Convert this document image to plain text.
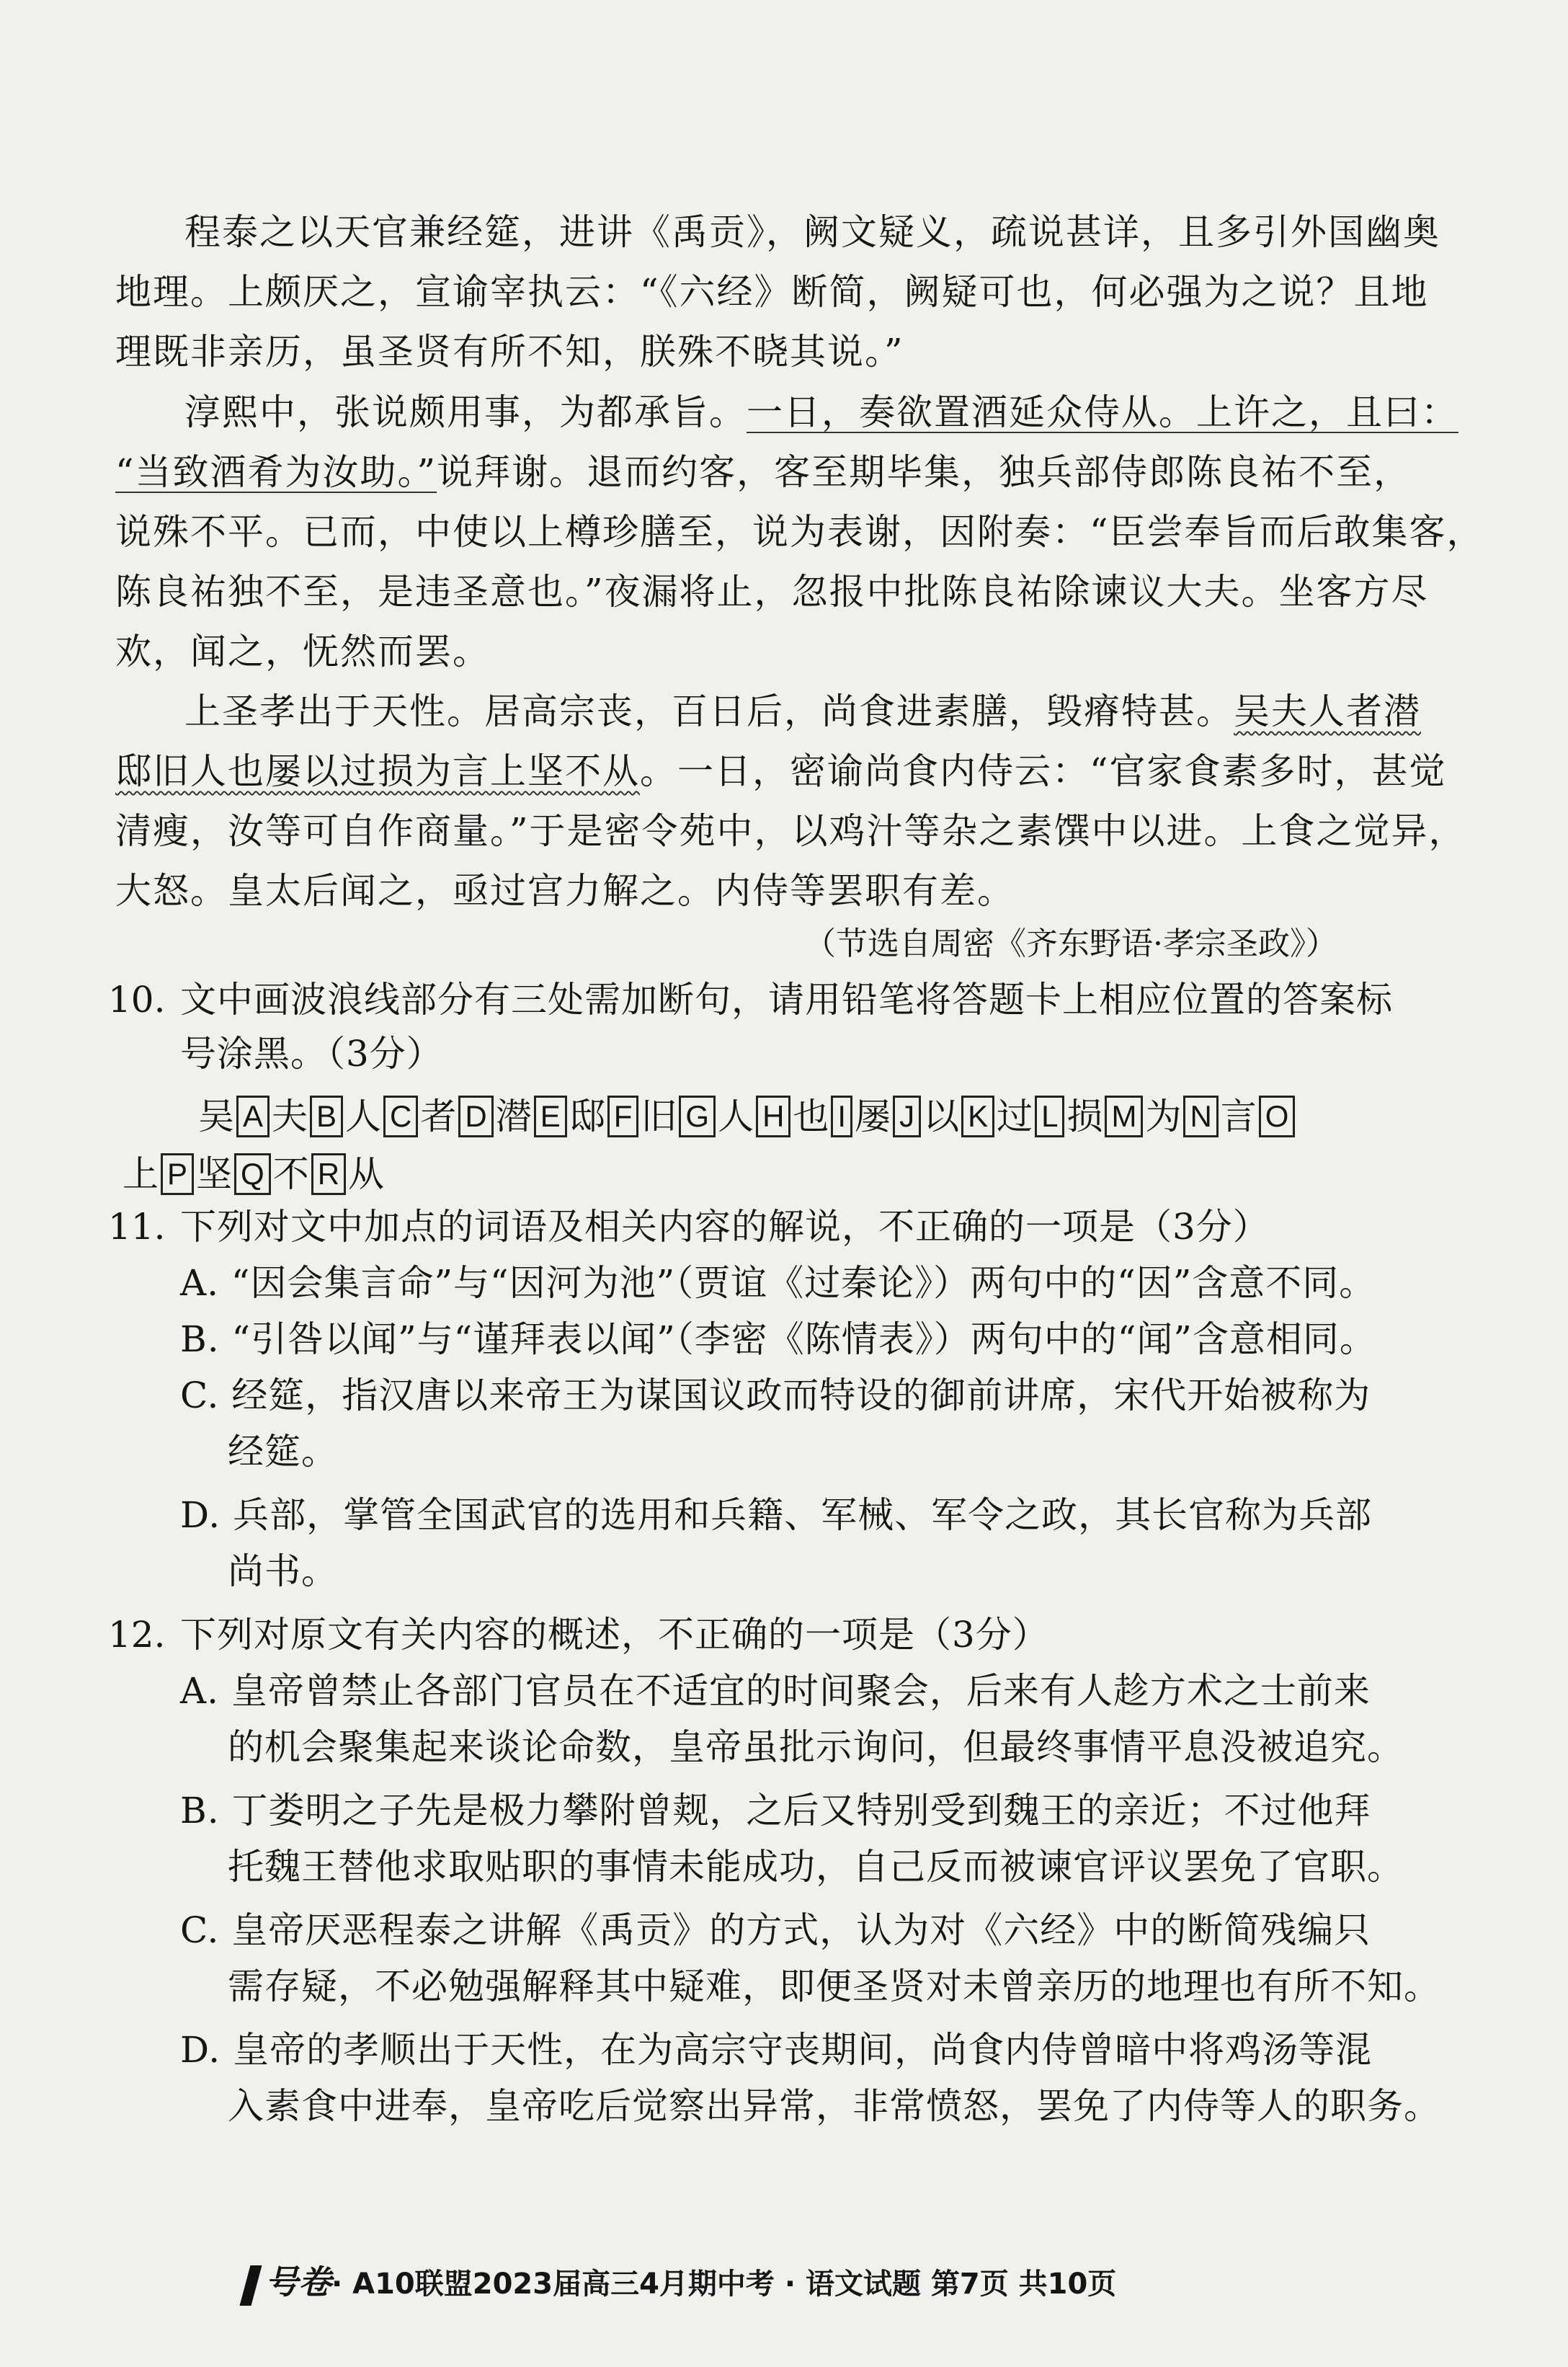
程泰之以天官兼经筵，进讲《禹贡》，阙文疑义，疏说甚详，且多引外国幽奥
地理。上颇厌之，宣谕宰执云：“《六经》断简，阙疑可也，何必强为之说？且地
理既非亲历，虽圣贤有所不知，朕殊不晓其说。”
淳熙中，张说颇用事，为都承旨。一日，奏欲置酒延众侍从。上许之，且曰：
“当致酒肴为汝助。”说拜谢。退而约客，客至期毕集，独兵部侍郎陈良祐不至，
说殊不平。已而，中使以上樽珍膳至，说为表谢，因附奏：“臣尝奉旨而后敢集客，
陈良祐独不至，是违圣意也。”夜漏将止，忽报中批陈良祐除谏议大夫。坐客方尽
欢，闻之，怃然而罢。
上圣孝出于天性。居高宗丧，百日后，尚食进素膳，毁瘠特甚。吴夫人者潜
邸旧人也屡以过损为言上坚不从。一日，密谕尚食内侍云：“官家食素多时，甚觉
清瘦，汝等可自作商量。”于是密令苑中，以鸡汁等杂之素馔中以进。上食之觉异，
大怒。皇太后闻之，亟过宫力解之。内侍等罢职有差。
（节选自周密《齐东野语·孝宗圣政》）
10. 文中画波浪线部分有三处需加断句，请用铅笔将答题卡上相应位置的答案标
号涂黑。（3分）
吴 A 夫 B 人 C 者 D 潜 E 邸 F 旧 G 人 H 也 I 屡 J 以 K 过 L 损 M 为 N 言 O
上 P 坚 Q 不 R 从
11. 下列对文中加点的词语及相关内容的解说，不正确的一项是（3分）
A. “因会集言命”与“因河为池”（贾谊《过秦论》）两句中的“因”含意不同。
B. “引咎以闻”与“谨拜表以闻”（李密《陈情表》）两句中的“闻”含意相同。
C. 经筵，指汉唐以来帝王为谋国议政而特设的御前讲席，宋代开始被称为
经筵。
D. 兵部，掌管全国武官的选用和兵籍、军械、军令之政，其长官称为兵部
尚书。
12. 下列对原文有关内容的概述，不正确的一项是（3分）
A. 皇帝曾禁止各部门官员在不适宜的时间聚会，后来有人趁方术之士前来
的机会聚集起来谈论命数，皇帝虽批示询问，但最终事情平息没被追究。
B. 丁娄明之子先是极力攀附曾觌，之后又特别受到魏王的亲近；不过他拜
托魏王替他求取贴职的事情未能成功，自己反而被谏官评议罢免了官职。
C. 皇帝厌恶程泰之讲解《禹贡》的方式，认为对《六经》中的断简残编只
需存疑，不必勉强解释其中疑难，即便圣贤对未曾亲历的地理也有所不知。
D. 皇帝的孝顺出于天性，在为高宗守丧期间，尚食内侍曾暗中将鸡汤等混
入素食中进奉，皇帝吃后觉察出异常，非常愤怒，罢免了内侍等人的职务。
号卷· A10联盟2023届高三4月期中考 · 语文试题 第7页 共10页
